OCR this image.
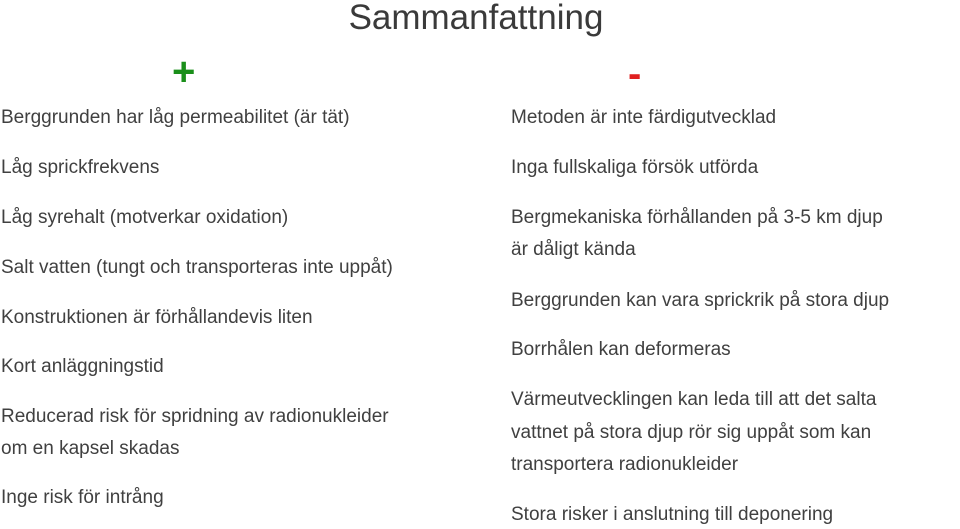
Sammanfattning
+	-
Berggrunden har låg permeabilitet (är tät)
Låg sprickfrekvens
Låg syrehalt (motverkar oxidation)
Salt vatten (tungt och transporteras inte uppåt)
Konstruktionen är förhållandevis liten
Kort anläggningstid
Reducerad risk för spridning av radionukleider
om en kapsel skadas
Inge risk för intrång
Metoden är inte färdigutvecklad
Inga fullskaliga försök utförda
Bergmekaniska förhållanden på 3-5 km djup
är dåligt kända
Berggrunden kan vara sprickrik på stora djup
Borrhålen kan deformeras
Värmeutvecklingen kan leda till att det salta
vattnet på stora djup rör sig uppåt som kan
transportera radionukleider
Stora risker i anslutning till deponering
